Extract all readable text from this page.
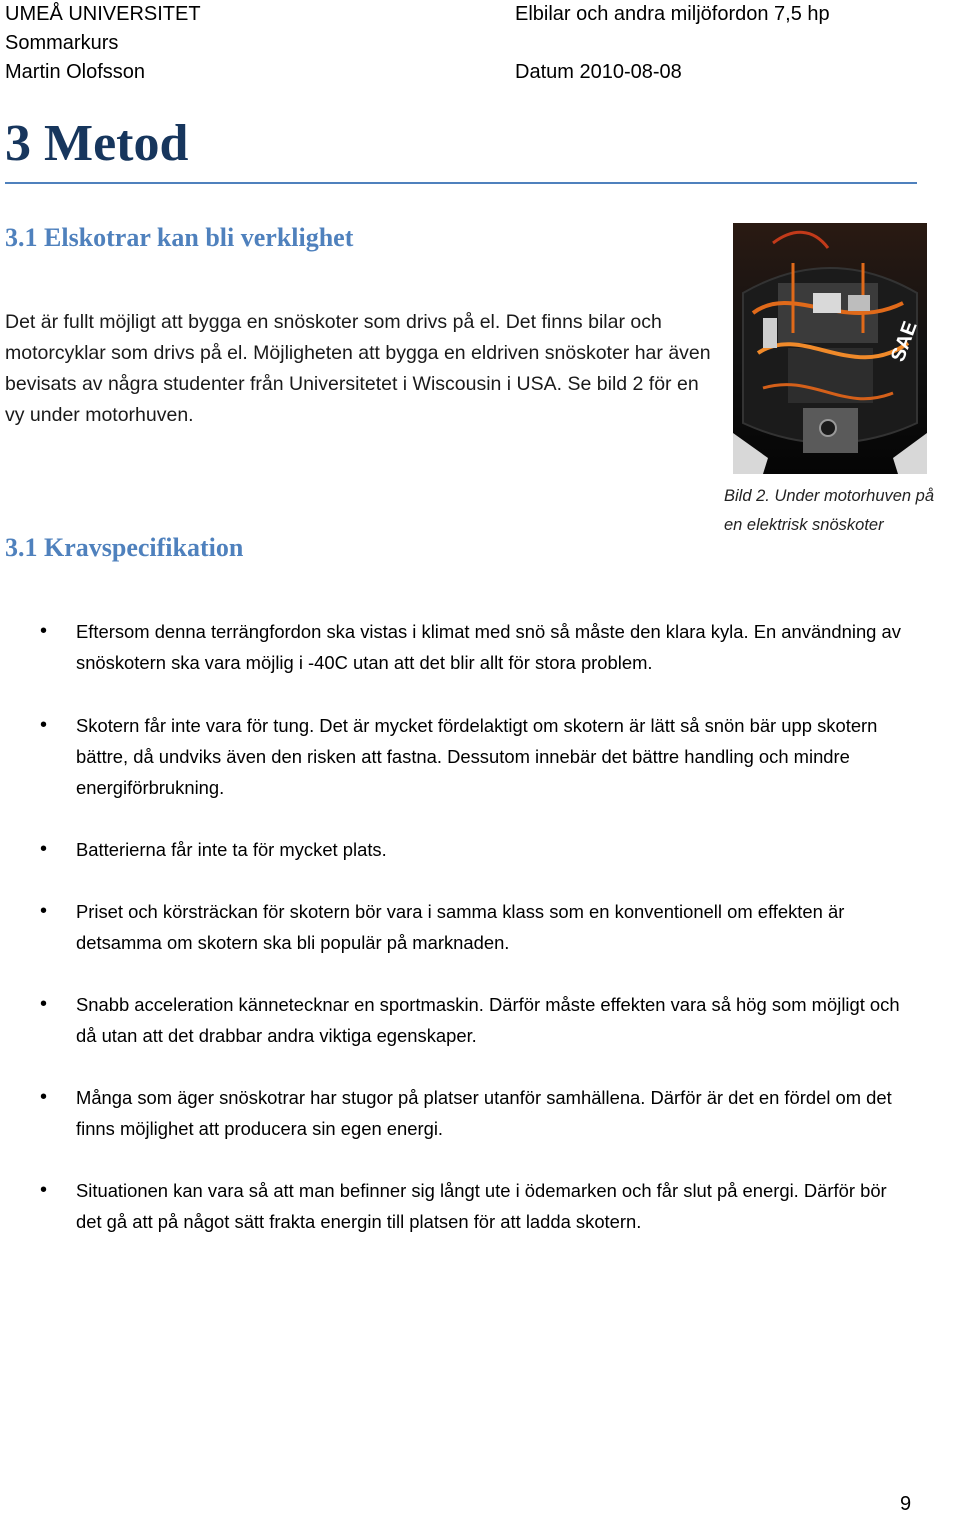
UMEÅ UNIVERSITET
Sommarkurs
Martin Olofsson
Elbilar och andra miljöfordon 7,5 hp
Datum 2010-08-08
3 Metod
3.1 Elskotrar kan bli verklighet

Det är fullt möjligt att bygga en snöskoter som drivs på el. Det finns bilar och motorcyklar som drivs på el. Möjligheten att bygga en eldriven snöskoter har även bevisats av några studenter från Universitetet i Wiscousin i USA. Se bild 2 för en vy under motorhuven.

SAE
Bild 2. Under motorhuven på
en elektrisk snöskoter
3.1 Kravspecifikation
• Eftersom denna terrängfordon ska vistas i klimat med snö så måste den klara kyla. En användning av snöskotern ska vara möjlig i -40C utan att det blir allt för stora problem.
• Skotern får inte vara för tung. Det är mycket fördelaktigt om skotern är lätt så snön bär upp skotern bättre, då undviks även den risken att fastna. Dessutom innebär det bättre handling och mindre energiförbrukning.
• Batterierna får inte ta för mycket plats.
• Priset och körsträckan för skotern bör vara i samma klass som en konventionell om effekten är detsamma om skotern ska bli populär på marknaden.
• Snabb acceleration kännetecknar en sportmaskin. Därför måste effekten vara så hög som möjligt och då utan att det drabbar andra viktiga egenskaper.
• Många som äger snöskotrar har stugor på platser utanför samhällena. Därför är det en fördel om det finns möjlighet att producera sin egen energi.
• Situationen kan vara så att man befinner sig långt ute i ödemarken och får slut på energi. Därför bör det gå att på något sätt frakta energin till platsen för att ladda skotern.
9
